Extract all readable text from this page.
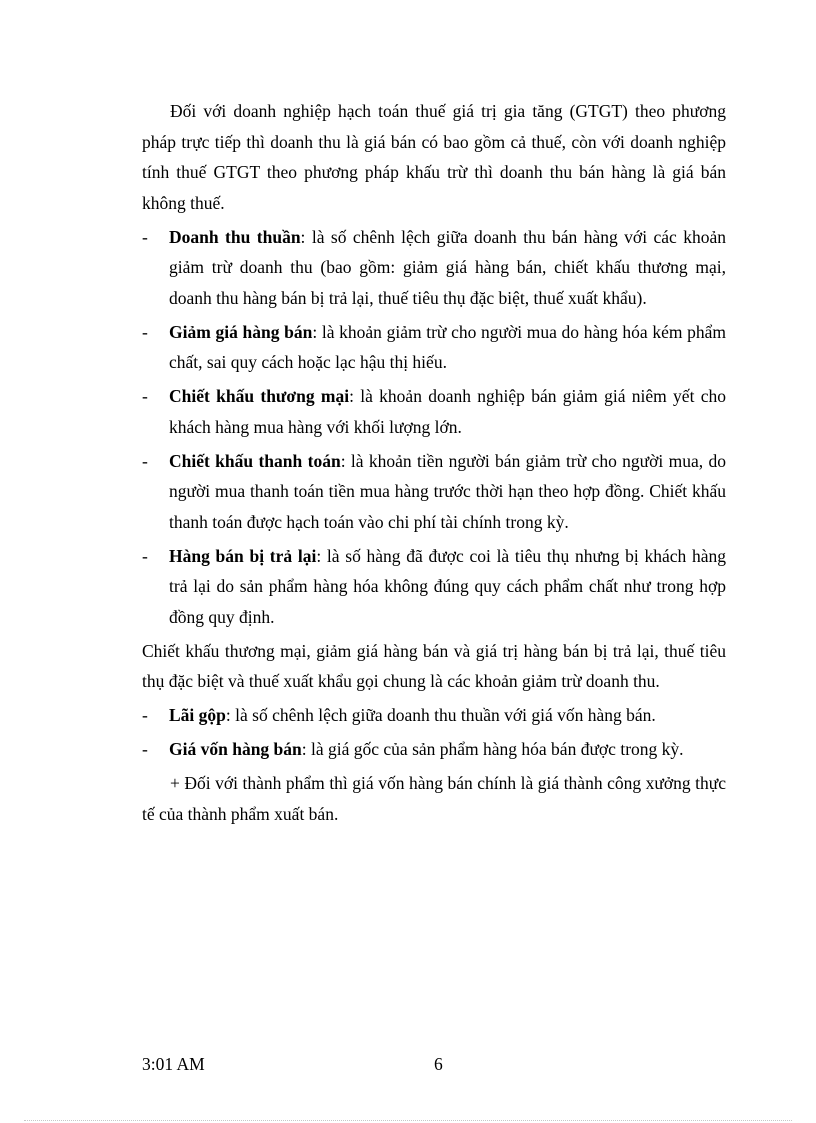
Đối với doanh nghiệp hạch toán thuế giá trị gia tăng (GTGT) theo phương pháp trực tiếp thì doanh thu là giá bán có bao gồm cả thuế, còn với doanh nghiệp tính thuế GTGT theo phương pháp khấu trừ thì doanh thu bán hàng là giá bán không thuế.

- Doanh thu thuần: là số chênh lệch giữa doanh thu bán hàng với các khoản giảm trừ doanh thu (bao gồm: giảm giá hàng bán, chiết khấu thương mại, doanh thu hàng bán bị trả lại, thuế tiêu thụ đặc biệt, thuế xuất khẩu).

- Giảm giá hàng bán: là khoản giảm trừ cho người mua do hàng hóa kém phẩm chất, sai quy cách hoặc lạc hậu thị hiếu.

- Chiết khấu thương mại: là khoản doanh nghiệp bán giảm giá niêm yết cho khách hàng mua hàng với khối lượng lớn.

- Chiết khấu thanh toán: là khoản tiền người bán giảm trừ cho người mua, do người mua thanh toán tiền mua hàng trước thời hạn theo hợp đồng. Chiết khấu thanh toán được hạch toán vào chi phí tài chính trong kỳ.

- Hàng bán bị trả lại: là số hàng đã được coi là tiêu thụ nhưng bị khách hàng trả lại do sản phẩm hàng hóa không đúng quy cách phẩm chất như trong hợp đồng quy định.

Chiết khấu thương mại, giảm giá hàng bán và giá trị hàng bán bị trả lại, thuế tiêu thụ đặc biệt và thuế xuất khẩu gọi chung là các khoản giảm trừ doanh thu.

- Lãi gộp: là số chênh lệch giữa doanh thu thuần với giá vốn hàng bán.

- Giá vốn hàng bán: là giá gốc của sản phẩm hàng hóa bán được trong kỳ.

+ Đối với thành phẩm thì giá vốn hàng bán chính là giá thành công xưởng thực tế của thành phẩm xuất bán.

3:01 AM	6
